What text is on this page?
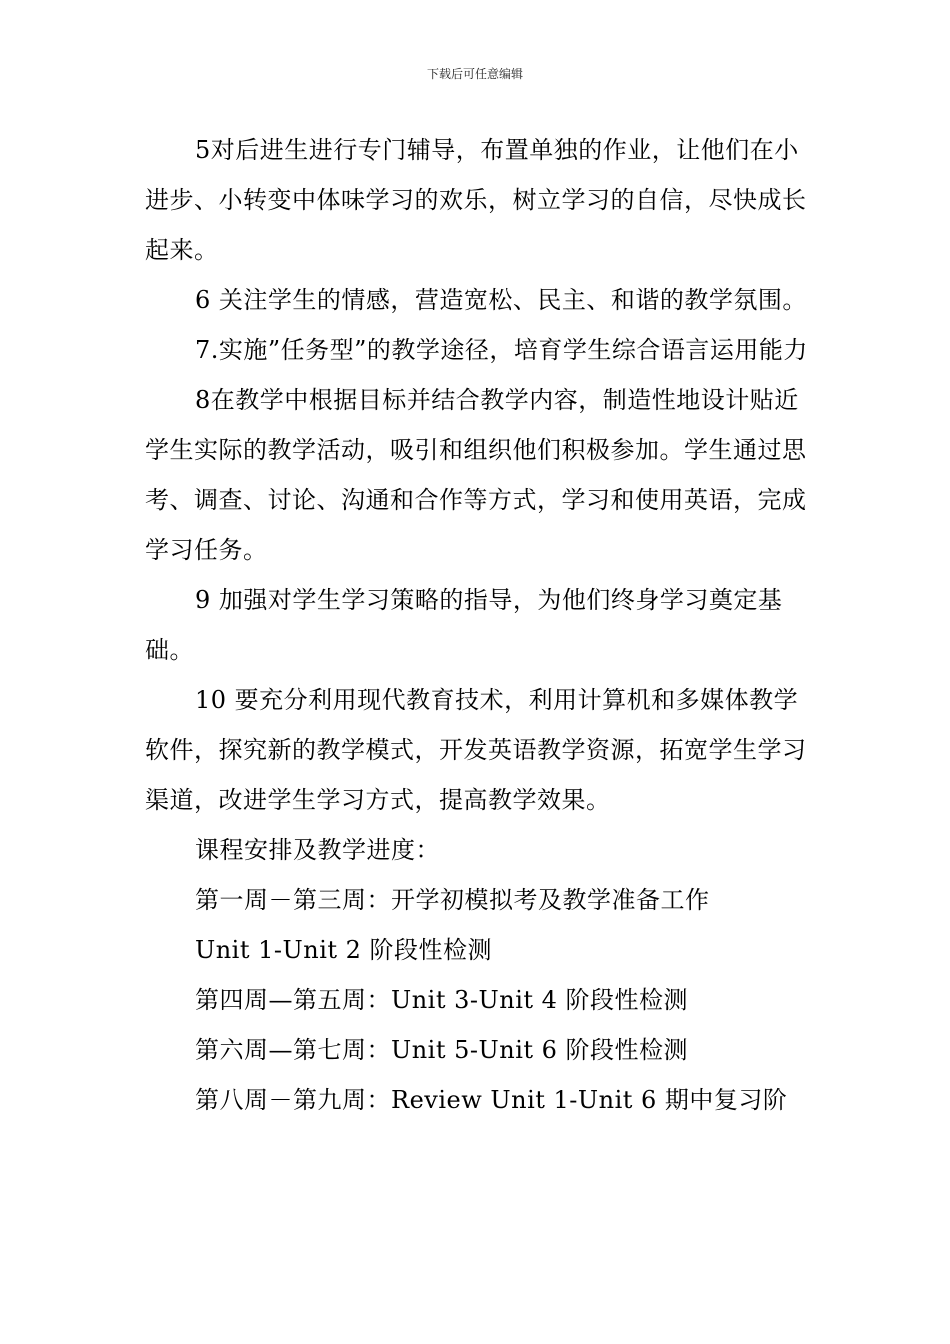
下载后可任意编辑

5对后进生进行专门辅导，布置单独的作业，让他们在小进步、小转变中体味学习的欢乐，树立学习的自信，尽快成长起来。

6 关注学生的情感，营造宽松、民主、和谐的教学氛围。

7.实施”任务型”的教学途径，培育学生综合语言运用能力

8在教学中根据目标并结合教学内容，制造性地设计贴近学生实际的教学活动，吸引和组织他们积极参加。学生通过思考、调查、讨论、沟通和合作等方式，学习和使用英语，完成学习任务。

9 加强对学生学习策略的指导，为他们终身学习奠定基础。

10 要充分利用现代教育技术，利用计算机和多媒体教学软件，探究新的教学模式，开发英语教学资源，拓宽学生学习渠道，改进学生学习方式，提高教学效果。

课程安排及教学进度：

第一周－第三周：开学初模拟考及教学准备工作

Unit 1-Unit 2 阶段性检测

第四周—第五周：Unit 3-Unit 4 阶段性检测

第六周—第七周：Unit 5-Unit 6 阶段性检测

第八周－第九周：Review Unit 1-Unit 6 期中复习阶
